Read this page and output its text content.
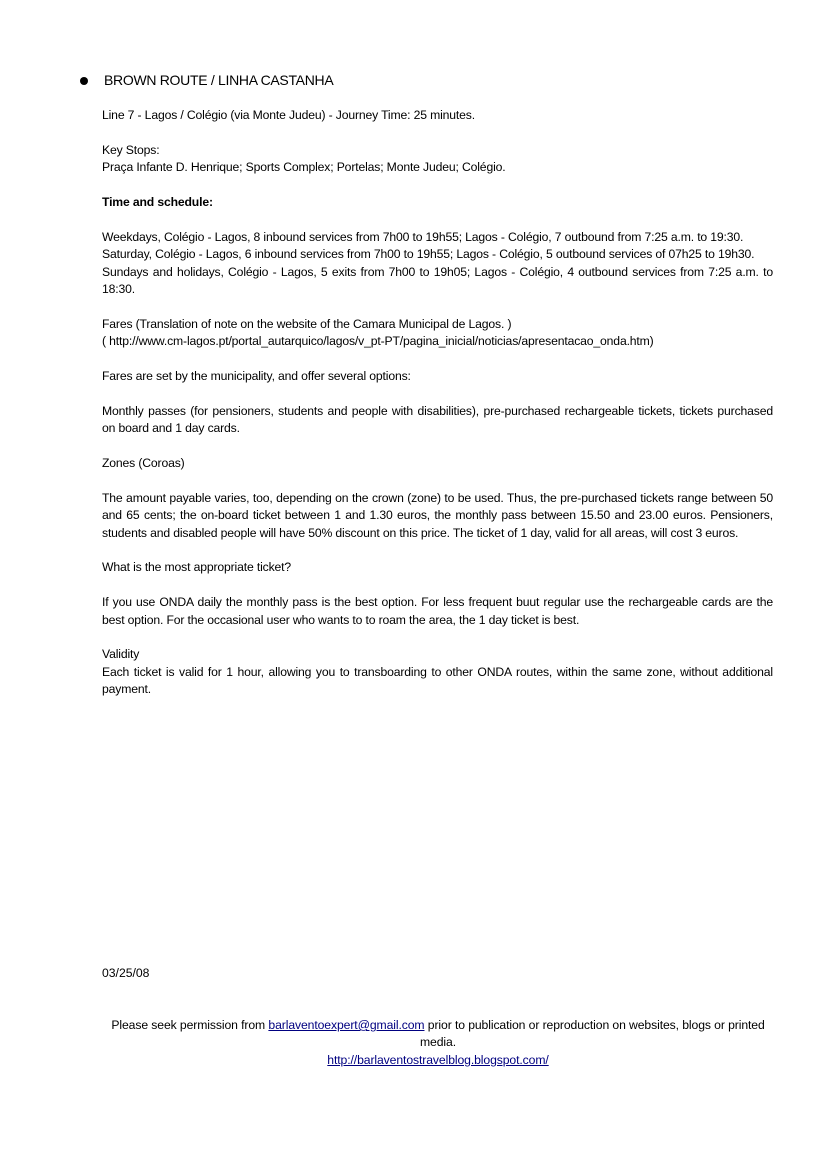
BROWN ROUTE / LINHA CASTANHA

Line 7 - Lagos / Colégio (via Monte Judeu) - Journey Time: 25 minutes.

Key Stops:

Praça Infante D. Henrique; Sports Complex; Portelas; Monte Judeu; Colégio.

Time and schedule:

Weekdays, Colégio - Lagos, 8 inbound services from 7h00 to 19h55; Lagos - Colégio, 7 outbound from 7:25 a.m. to 19:30.

Saturday, Colégio - Lagos, 6 inbound services from 7h00 to 19h55; Lagos - Colégio, 5 outbound services of 07h25 to 19h30.

Sundays and holidays, Colégio - Lagos, 5 exits from 7h00 to 19h05; Lagos - Colégio, 4 outbound services from 7:25 a.m. to 18:30.

Fares (Translation of note on the website of the Camara Municipal de Lagos. )

( http://www.cm-lagos.pt/portal_autarquico/lagos/v_pt-PT/pagina_inicial/noticias/apresentacao_onda.htm)

Fares are set by the municipality, and offer several options:

Monthly passes (for pensioners, students and people with disabilities), pre-purchased rechargeable tickets, tickets purchased on board and 1 day cards.

Zones (Coroas)

The amount payable varies, too, depending on the crown (zone) to be used. Thus, the pre-purchased tickets range between 50 and 65 cents; the on-board ticket between 1 and 1.30 euros, the monthly pass between 15.50 and 23.00 euros. Pensioners, students and disabled people will have 50% discount on this price. The ticket of 1 day, valid for all areas, will cost 3 euros.

What is the most appropriate ticket?

If you use ONDA daily the monthly pass is the best option. For less frequent buut regular use the rechargeable cards are the best option. For the occasional user who wants to to roam the area, the 1 day ticket is best.

Validity

Each ticket is valid for 1 hour, allowing you to transboarding to other ONDA routes, within the same zone, without additional payment.

03/25/08
Please seek permission from barlaventoexpert@gmail.com prior to publication or reproduction on websites, blogs or printed media.
http://barlaventostravelblog.blogspot.com/
